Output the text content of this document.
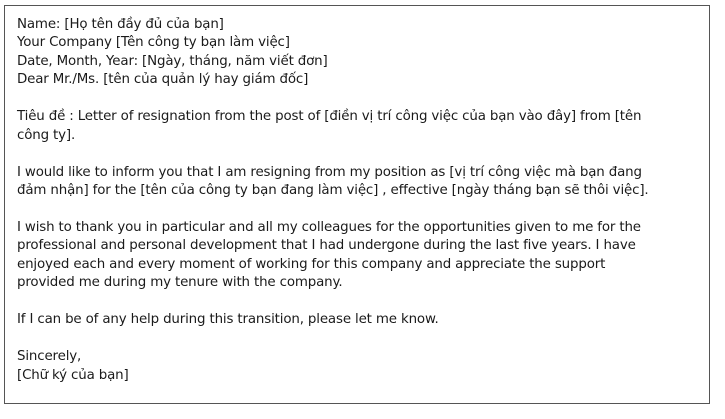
Name: [Họ tên đầy đủ của bạn]
Your Company [Tên công ty bạn làm việc]
Date, Month, Year: [Ngày, tháng, năm viết đơn]
Dear Mr./Ms. [tên của quản lý hay giám đốc]
Tiêu đề : Letter of resignation from the post of [điền vị trí công việc của bạn vào đây] from [tên
công ty].
I would like to inform you that I am resigning from my position as [vị trí công việc mà bạn đang
đảm nhận] for the [tên của công ty bạn đang làm việc] , effective [ngày tháng bạn sẽ thôi việc].
I wish to thank you in particular and all my colleagues for the opportunities given to me for the
professional and personal development that I had undergone during the last five years. I have
enjoyed each and every moment of working for this company and appreciate the support
provided me during my tenure with the company.
If I can be of any help during this transition, please let me know.
Sincerely,
[Chữ ký của bạn]
